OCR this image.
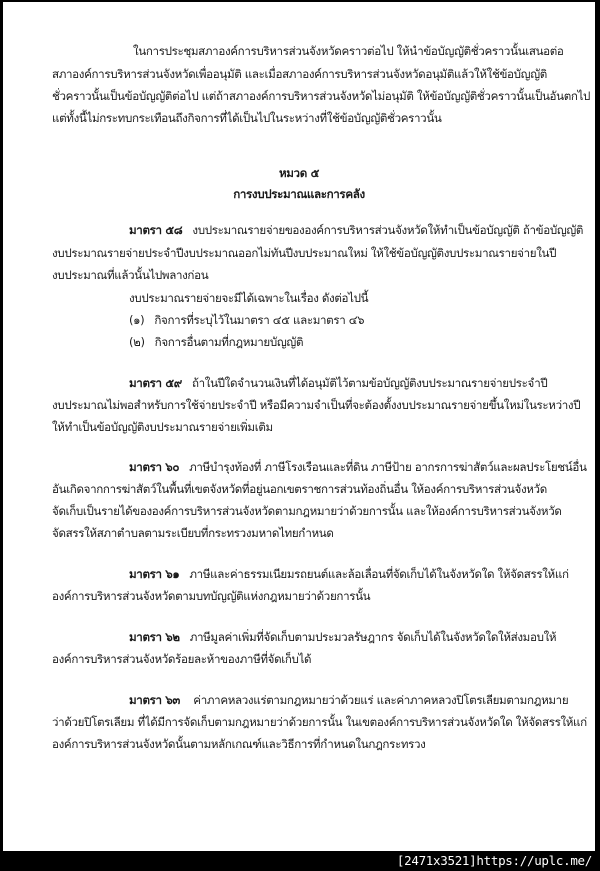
ในการประชุมสภาองค์การบริหารส่วนจังหวัดคราวต่อไป ให้นำข้อบัญญัติชั่วคราวนั้นเสนอต่อ
สภาองค์การบริหารส่วนจังหวัดเพื่ออนุมัติ และเมื่อสภาองค์การบริหารส่วนจังหวัดอนุมัติแล้วให้ใช้ข้อบัญญัติ
ชั่วคราวนั้นเป็นข้อบัญญัติต่อไป แต่ถ้าสภาองค์การบริหารส่วนจังหวัดไม่อนุมัติ ให้ข้อบัญญัติชั่วคราวนั้นเป็นอันตกไป
แต่ทั้งนี้ไม่กระทบกระเทือนถึงกิจการที่ได้เป็นไปในระหว่างที่ใช้ข้อบัญญัติชั่วคราวนั้น
หมวด ๕
การงบประมาณและการคลัง
มาตรา ๕๘ งบประมาณรายจ่ายขององค์การบริหารส่วนจังหวัดให้ทำเป็นข้อบัญญัติ ถ้าข้อบัญญัติ
งบประมาณรายจ่ายประจำปีงบประมาณออกไม่ทันปีงบประมาณใหม่ ให้ใช้ข้อบัญญัติงบประมาณรายจ่ายในปี
งบประมาณที่แล้วนั้นไปพลางก่อน
งบประมาณรายจ่ายจะมีได้เฉพาะในเรื่อง ดังต่อไปนี้
(๑) กิจการที่ระบุไว้ในมาตรา ๔๕ และมาตรา ๔๖
(๒) กิจการอื่นตามที่กฎหมายบัญญัติ
มาตรา ๕๙ ถ้าในปีใดจำนวนเงินที่ได้อนุมัติไว้ตามข้อบัญญัติงบประมาณรายจ่ายประจำปี
งบประมาณไม่พอสำหรับการใช้จ่ายประจำปี หรือมีความจำเป็นที่จะต้องตั้งงบประมาณรายจ่ายขึ้นใหม่ในระหว่างปี
ให้ทำเป็นข้อบัญญัติงบประมาณรายจ่ายเพิ่มเติม
มาตรา ๖๐ ภาษีบำรุงท้องที่ ภาษีโรงเรือนและที่ดิน ภาษีป้าย อากรการฆ่าสัตว์และผลประโยชน์อื่น
อันเกิดจากการฆ่าสัตว์ในพื้นที่เขตจังหวัดที่อยู่นอกเขตราชการส่วนท้องถิ่นอื่น ให้องค์การบริหารส่วนจังหวัด
จัดเก็บเป็นรายได้ขององค์การบริหารส่วนจังหวัดตามกฎหมายว่าด้วยการนั้น และให้องค์การบริหารส่วนจังหวัด
จัดสรรให้สภาตำบลตามระเบียบที่กระทรวงมหาดไทยกำหนด
มาตรา ๖๑ ภาษีและค่าธรรมเนียมรถยนต์และล้อเลื่อนที่จัดเก็บได้ในจังหวัดใด ให้จัดสรรให้แก่
องค์การบริหารส่วนจังหวัดตามบทบัญญัติแห่งกฎหมายว่าด้วยการนั้น
มาตรา ๖๒ ภาษีมูลค่าเพิ่มที่จัดเก็บตามประมวลรัษฎากร จัดเก็บได้ในจังหวัดใดให้ส่งมอบให้
องค์การบริหารส่วนจังหวัดร้อยละห้าของภาษีที่จัดเก็บได้
มาตรา ๖๓ ค่าภาคหลวงแร่ตามกฎหมายว่าด้วยแร่ และค่าภาคหลวงปิโตรเลียมตามกฎหมาย
ว่าด้วยปิโตรเลียม ที่ได้มีการจัดเก็บตามกฎหมายว่าด้วยการนั้น ในเขตองค์การบริหารส่วนจังหวัดใด ให้จัดสรรให้แก่
องค์การบริหารส่วนจังหวัดนั้นตามหลักเกณฑ์และวิธีการที่กำหนดในกฎกระทรวง
[2471x3521]https://uplc.me/
